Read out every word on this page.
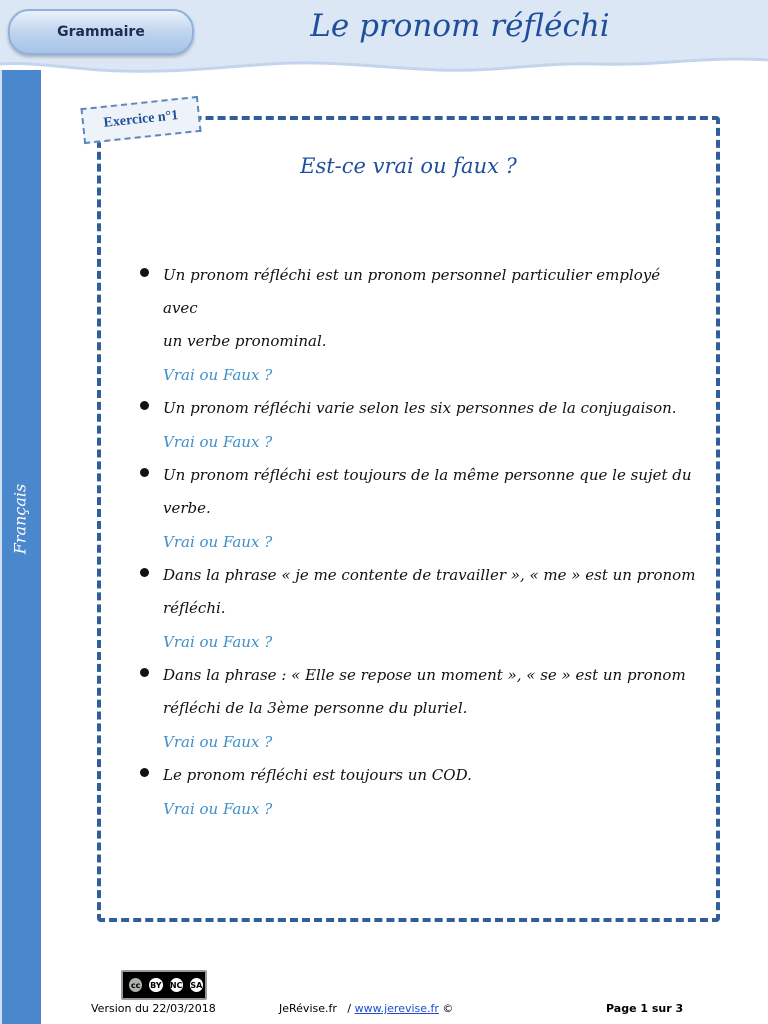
Grammaire	Le pronom réfléchi
Français
Exercice n°1
Est-ce vrai ou faux ?
Un pronom réfléchi est un pronom personnel particulier employé avec
un verbe pronominal.
Vrai ou Faux ?
Un pronom réfléchi varie selon les six personnes de la conjugaison.
Vrai ou Faux ?
Un pronom réfléchi est toujours de la même personne que le sujet du
verbe.
Vrai ou Faux ?
Dans la phrase « je me contente de travailler », « me » est un pronom
réfléchi.
Vrai ou Faux ?
Dans la phrase : « Elle se repose un moment », « se » est un pronom
réfléchi de la 3ème personne du pluriel.
Vrai ou Faux ?
Le pronom réfléchi est toujours un COD.
Vrai ou Faux ?
cc	BY	NC SA
Version du 22/03/2018	JeRévise.fr / www.jerevise.fr ©	Page 1 sur 3
